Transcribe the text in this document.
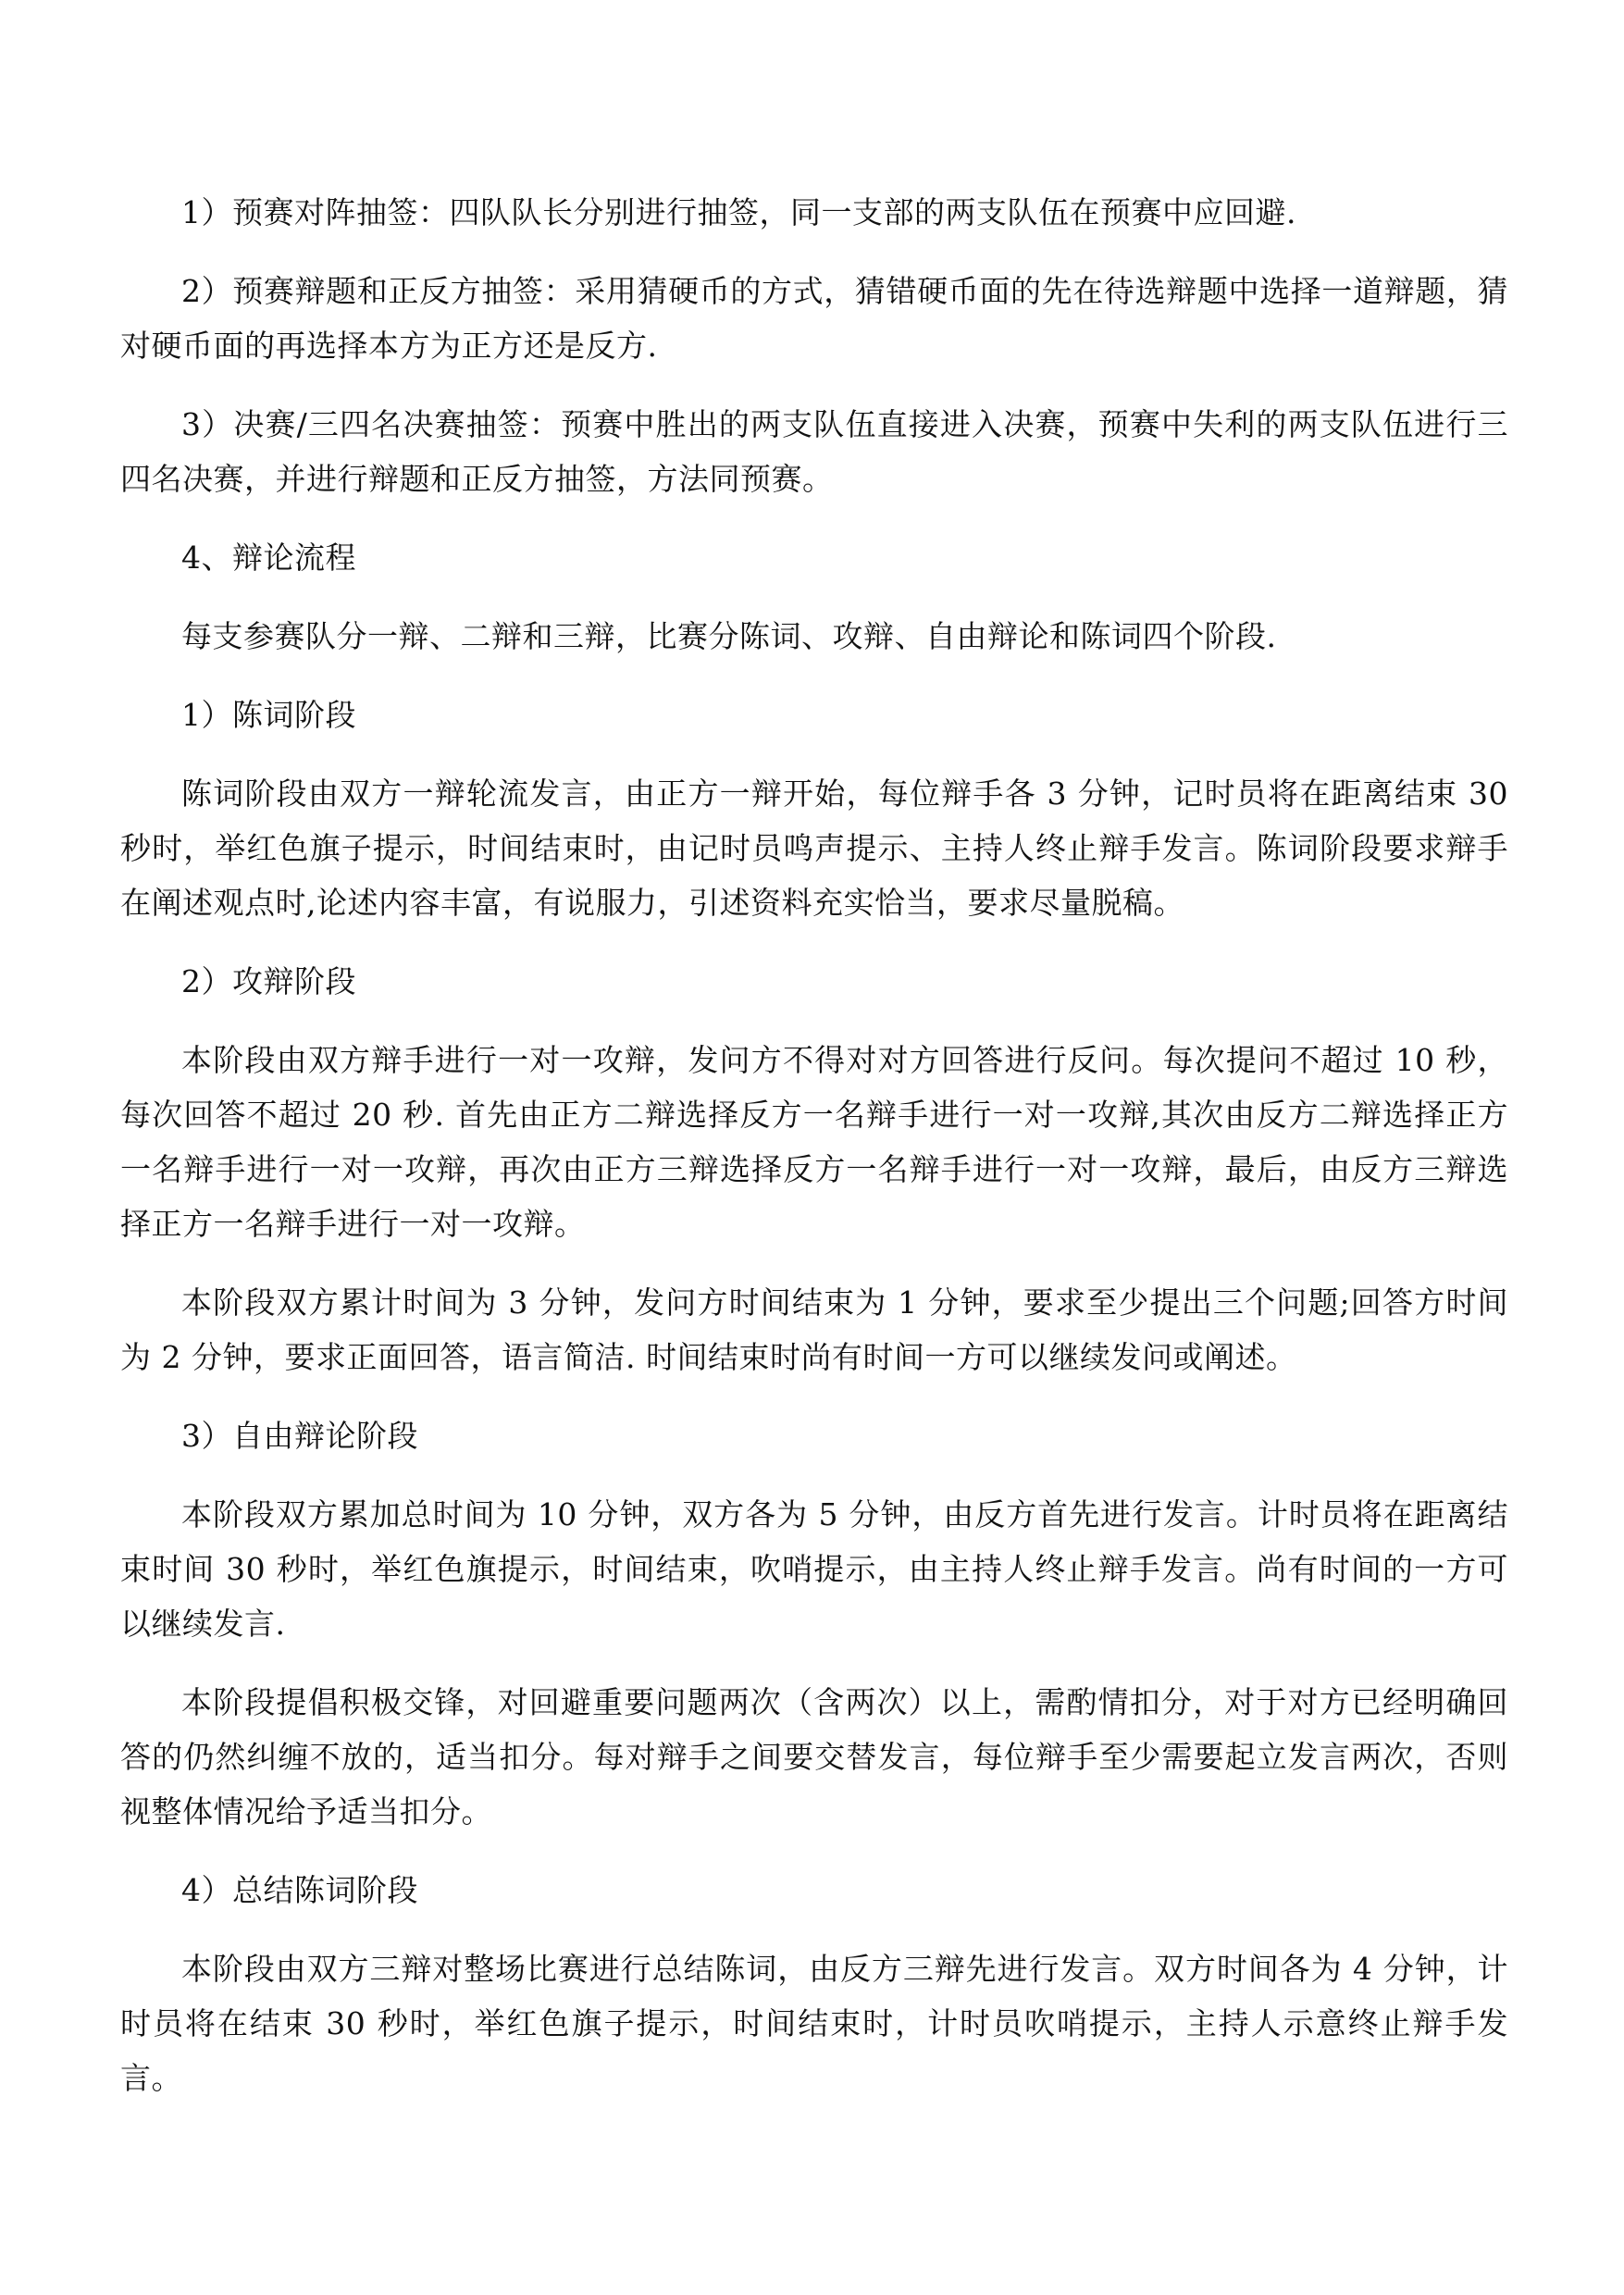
1）预赛对阵抽签：四队队长分别进行抽签，同一支部的两支队伍在预赛中应回避.

2）预赛辩题和正反方抽签：采用猜硬币的方式，猜错硬币面的先在待选辩题中选择一道辩题，猜对硬币面的再选择本方为正方还是反方.

3）决赛/三四名决赛抽签：预赛中胜出的两支队伍直接进入决赛，预赛中失利的两支队伍进行三四名决赛，并进行辩题和正反方抽签，方法同预赛。

4、辩论流程

每支参赛队分一辩、二辩和三辩，比赛分陈词、攻辩、自由辩论和陈词四个阶段.

1）陈词阶段

陈词阶段由双方一辩轮流发言，由正方一辩开始，每位辩手各 3 分钟，记时员将在距离结束 30 秒时，举红色旗子提示，时间结束时，由记时员鸣声提示、主持人终止辩手发言。陈词阶段要求辩手在阐述观点时,论述内容丰富，有说服力，引述资料充实恰当，要求尽量脱稿。

2）攻辩阶段

本阶段由双方辩手进行一对一攻辩，发问方不得对对方回答进行反问。每次提问不超过 10 秒，每次回答不超过 20 秒. 首先由正方二辩选择反方一名辩手进行一对一攻辩,其次由反方二辩选择正方一名辩手进行一对一攻辩，再次由正方三辩选择反方一名辩手进行一对一攻辩，最后，由反方三辩选择正方一名辩手进行一对一攻辩。

本阶段双方累计时间为 3 分钟，发问方时间结束为 1 分钟，要求至少提出三个问题;回答方时间为 2 分钟，要求正面回答，语言简洁. 时间结束时尚有时间一方可以继续发问或阐述。

3）自由辩论阶段

本阶段双方累加总时间为 10 分钟，双方各为 5 分钟，由反方首先进行发言。计时员将在距离结束时间 30 秒时，举红色旗提示，时间结束，吹哨提示，由主持人终止辩手发言。尚有时间的一方可以继续发言.

本阶段提倡积极交锋，对回避重要问题两次（含两次）以上，需酌情扣分，对于对方已经明确回答的仍然纠缠不放的，适当扣分。每对辩手之间要交替发言，每位辩手至少需要起立发言两次，否则视整体情况给予适当扣分。

4）总结陈词阶段

本阶段由双方三辩对整场比赛进行总结陈词，由反方三辩先进行发言。双方时间各为 4 分钟，计时员将在结束 30 秒时，举红色旗子提示，时间结束时，计时员吹哨提示，主持人示意终止辩手发言。
